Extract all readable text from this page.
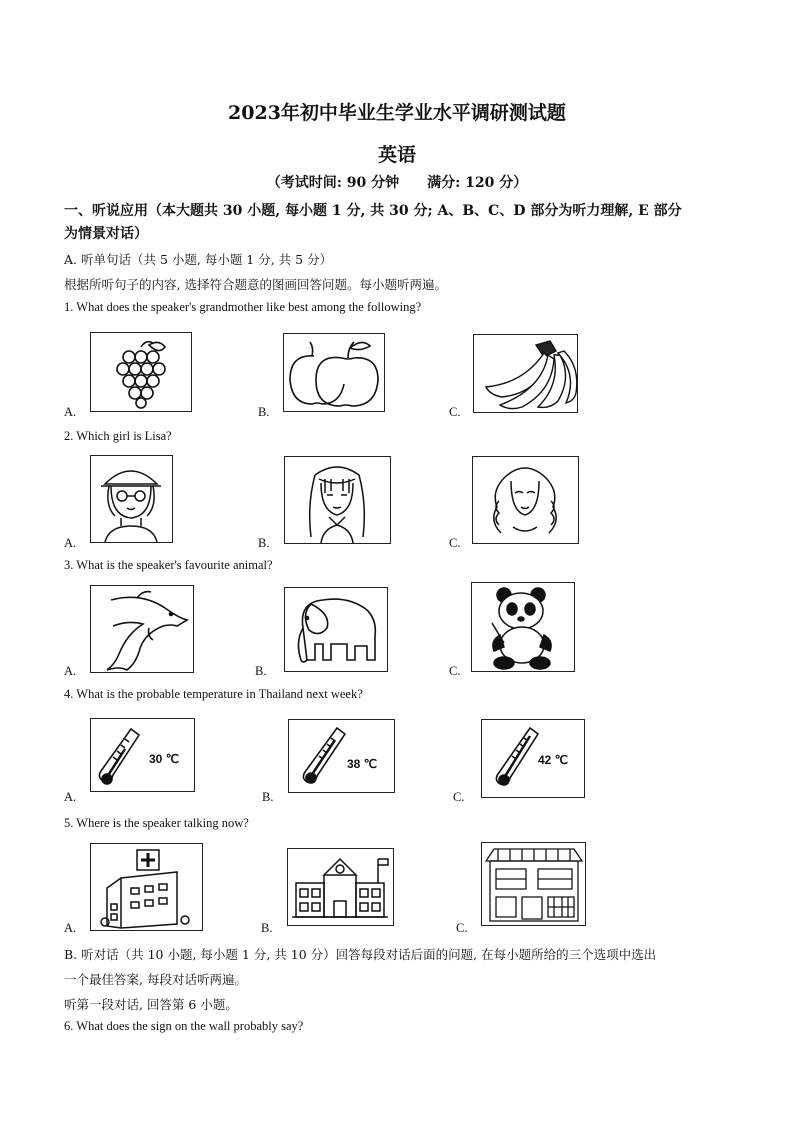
2023年初中毕业生学业水平调研测试题
英语
（考试时间: 90 分钟 满分: 120 分）
一、听说应用（本大题共 30 小题, 每小题 1 分, 共 30 分; A、B、C、D 部分为听力理解, E 部分
为情景对话）
A. 听单句话（共 5 小题, 每小题 1 分, 共 5 分）
根据所听句子的内容, 选择符合题意的图画回答问题。每小题听两遍。
1. What does the speaker's grandmother like best among the following?
A.	B.	C.
2. Which girl is Lisa?
A.	B.	C.
3. What is the speaker's favourite animal?
A.	B.	C.
4. What is the probable temperature in Thailand next week?
30 ℃	38 ℃	42 ℃
A.	B.	C.
5. Where is the speaker talking now?
A.	B.	C.
B. 听对话（共 10 小题, 每小题 1 分, 共 10 分）回答每段对话后面的问题, 在每小题所给的三个选项中选出
一个最佳答案, 每段对话听两遍。
听第一段对话, 回答第 6 小题。
6. What does the sign on the wall probably say?
